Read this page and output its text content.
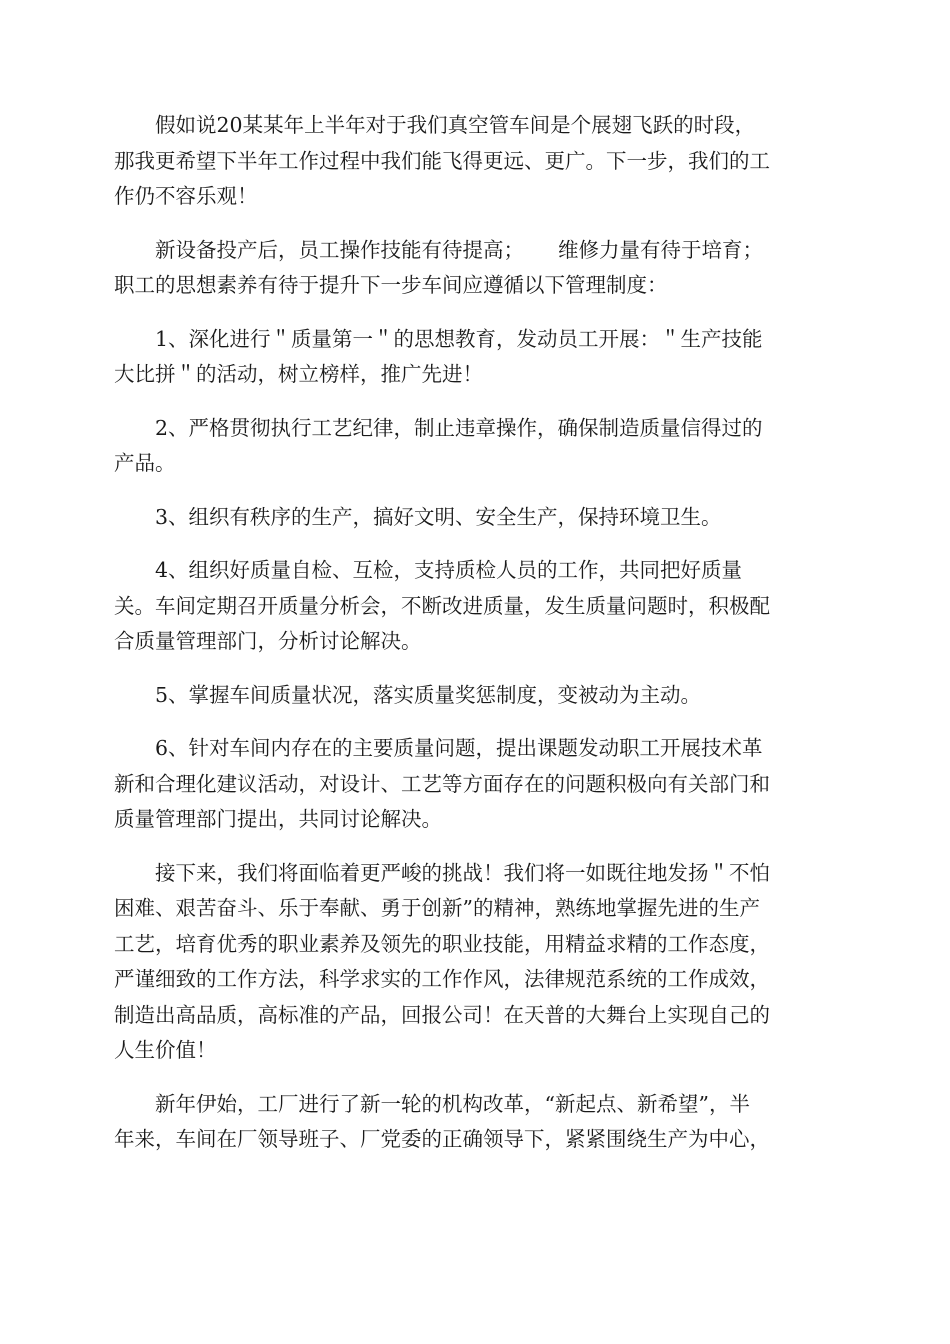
假如说20某某年上半年对于我们真空管车间是个展翅飞跃的时段，
那我更希望下半年工作过程中我们能飞得更远、更广。下一步，我们的工
作仍不容乐观！
新设备投产后，员工操作技能有待提高； 维修力量有待于培育；
职工的思想素养有待于提升下一步车间应遵循以下管理制度：
1、深化进行＂质量第一＂的思想教育，发动员工开展：＂生产技能
大比拼＂的活动，树立榜样，推广先进！
2、严格贯彻执行工艺纪律，制止违章操作，确保制造质量信得过的
产品。
3、组织有秩序的生产，搞好文明、安全生产，保持环境卫生。
4、组织好质量自检、互检，支持质检人员的工作，共同把好质量
关。车间定期召开质量分析会，不断改进质量，发生质量问题时，积极配
合质量管理部门，分析讨论解决。
5、掌握车间质量状况，落实质量奖惩制度，变被动为主动。
6、针对车间内存在的主要质量问题，提出课题发动职工开展技术革
新和合理化建议活动，对设计、工艺等方面存在的问题积极向有关部门和
质量管理部门提出，共同讨论解决。
接下来，我们将面临着更严峻的挑战！我们将一如既往地发扬＂不怕
困难、艰苦奋斗、乐于奉献、勇于创新”的精神，熟练地掌握先进的生产
工艺，培育优秀的职业素养及领先的职业技能，用精益求精的工作态度，
严谨细致的工作方法，科学求实的工作作风，法律规范系统的工作成效，
制造出高品质，高标准的产品，回报公司！在天普的大舞台上实现自己的
人生价值！
新年伊始，工厂进行了新一轮的机构改革，“新起点、新希望”，半
年来，车间在厂领导班子、厂党委的正确领导下，紧紧围绕生产为中心，
